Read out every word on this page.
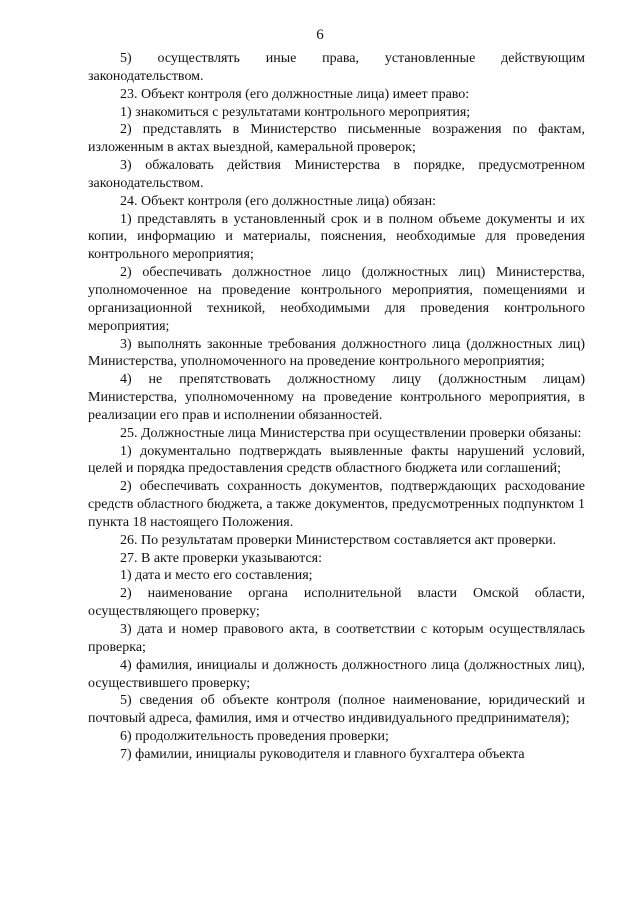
6

5) осуществлять иные права, установленные действующим законодательством.

23. Объект контроля (его должностные лица) имеет право:

1) знакомиться с результатами контрольного мероприятия;

2) представлять в Министерство письменные возражения по фактам, изложенным в актах выездной, камеральной проверок;

3) обжаловать действия Министерства в порядке, предусмотренном законодательством.

24. Объект контроля (его должностные лица) обязан:

1) представлять в установленный срок и в полном объеме документы и их копии, информацию и материалы, пояснения, необходимые для проведения контрольного мероприятия;

2) обеспечивать должностное лицо (должностных лиц) Министерства, уполномоченное на проведение контрольного мероприятия, помещениями и организационной техникой, необходимыми для проведения контрольного мероприятия;

3) выполнять законные требования должностного лица (должностных лиц) Министерства, уполномоченного на проведение контрольного мероприятия;

4) не препятствовать должностному лицу (должностным лицам) Министерства, уполномоченному на проведение контрольного мероприятия, в реализации его прав и исполнении обязанностей.

25. Должностные лица Министерства при осуществлении проверки обязаны:

1) документально подтверждать выявленные факты нарушений условий, целей и порядка предоставления средств областного бюджета или соглашений;

2) обеспечивать сохранность документов, подтверждающих расходование средств областного бюджета, а также документов, предусмотренных подпунктом 1 пункта 18 настоящего Положения.

26. По результатам проверки Министерством составляется акт проверки.

27. В акте проверки указываются:

1) дата и место его составления;

2) наименование органа исполнительной власти Омской области, осуществляющего проверку;

3) дата и номер правового акта, в соответствии с которым осуществлялась проверка;

4) фамилия, инициалы и должность должностного лица (должностных лиц), осуществившего проверку;

5) сведения об объекте контроля (полное наименование, юридический и почтовый адреса, фамилия, имя и отчество индивидуального предпринимателя);

6) продолжительность проведения проверки;

7) фамилии, инициалы руководителя и главного бухгалтера объекта
